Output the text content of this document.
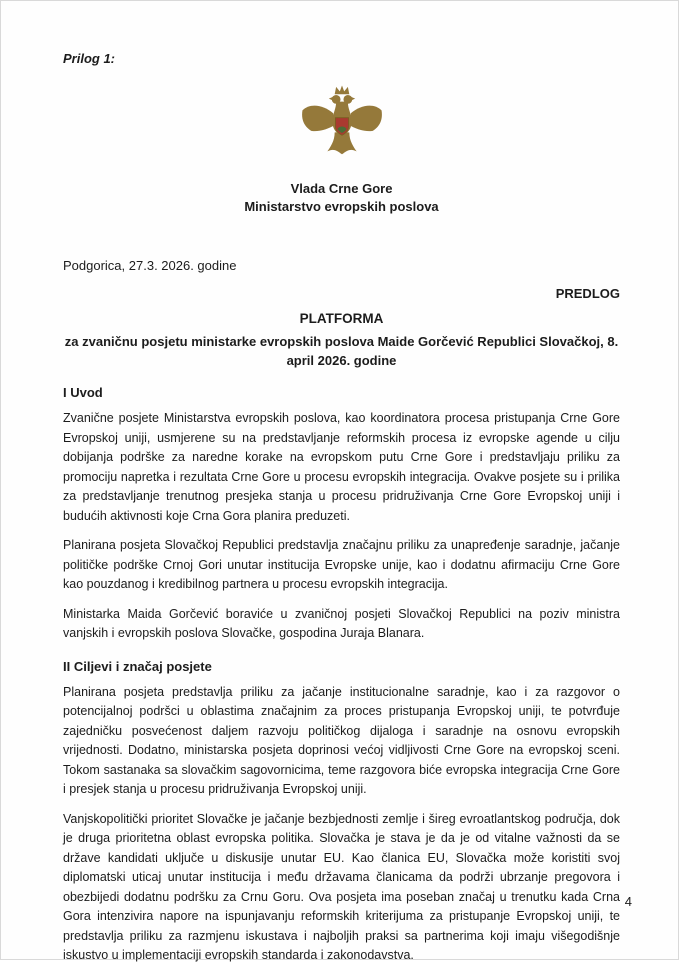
Prilog 1:
Vlada Crne Gore
Ministarstvo evropskih poslova
Podgorica, 27.3. 2026. godine
PREDLOG
PLATFORMA
za zvaničnu posjetu ministarke evropskih poslova Maide Gorčević Republici Slovačkoj, 8. april 2026. godine
I Uvod

Zvanične posjete Ministarstva evropskih poslova, kao koordinatora procesa pristupanja Crne Gore Evropskoj uniji, usmjerene su na predstavljanje reformskih procesa iz evropske agende u cilju dobijanja podrške za naredne korake na evropskom putu Crne Gore i predstavljaju priliku za promociju napretka i rezultata Crne Gore u procesu evropskih integracija. Ovakve posjete su i prilika za predstavljanje trenutnog presjeka stanja u procesu pridruživanja Crne Gore Evropskoj uniji i budućih aktivnosti koje Crna Gora planira preduzeti.

Planirana posjeta Slovačkoj Republici predstavlja značajnu priliku za unapređenje saradnje, jačanje političke podrške Crnoj Gori unutar institucija Evropske unije, kao i dodatnu afirmaciju Crne Gore kao pouzdanog i kredibilnog partnera u procesu evropskih integracija.

Ministarka Maida Gorčević boraviće u zvaničnoj posjeti Slovačkoj Republici na poziv ministra vanjskih i evropskih poslova Slovačke, gospodina Juraja Blanara.

II Ciljevi i značaj posjete

Planirana posjeta predstavlja priliku za jačanje institucionalne saradnje, kao i za razgovor o potencijalnoj podršci u oblastima značajnim za proces pristupanja Evropskoj uniji, te potvrđuje zajedničku posvećenost daljem razvoju političkog dijaloga i saradnje na osnovu evropskih vrijednosti. Dodatno, ministarska posjeta doprinosi većoj vidljivosti Crne Gore na evropskoj sceni. Tokom sastanaka sa slovačkim sagovornicima, teme razgovora biće evropska integracija Crne Gore i presjek stanja u procesu pridruživanja Evropskoj uniji.

Vanjskopolitički prioritet Slovačke je jačanje bezbjednosti zemlje i šireg evroatlantskog područja, dok je druga prioritetna oblast evropska politika. Slovačka je stava je da je od vitalne važnosti da se države kandidati uključe u diskusije unutar EU. Kao članica EU, Slovačka može koristiti svoj diplomatski uticaj unutar institucija i među državama članicama da podrži ubrzanje pregovora i obezbijedi dodatnu podršku za Crnu Goru. Ova posjeta ima poseban značaj u trenutku kada Crna Gora intenzivira napore na ispunjavanju reformskih kriterijuma za pristupanje Evropskoj uniji, te predstavlja priliku za razmjenu iskustava i najboljih praksi sa partnerima koji imaju višegodišnje iskustvo u implementaciji evropskih standarda i zakonodavstva.

4
